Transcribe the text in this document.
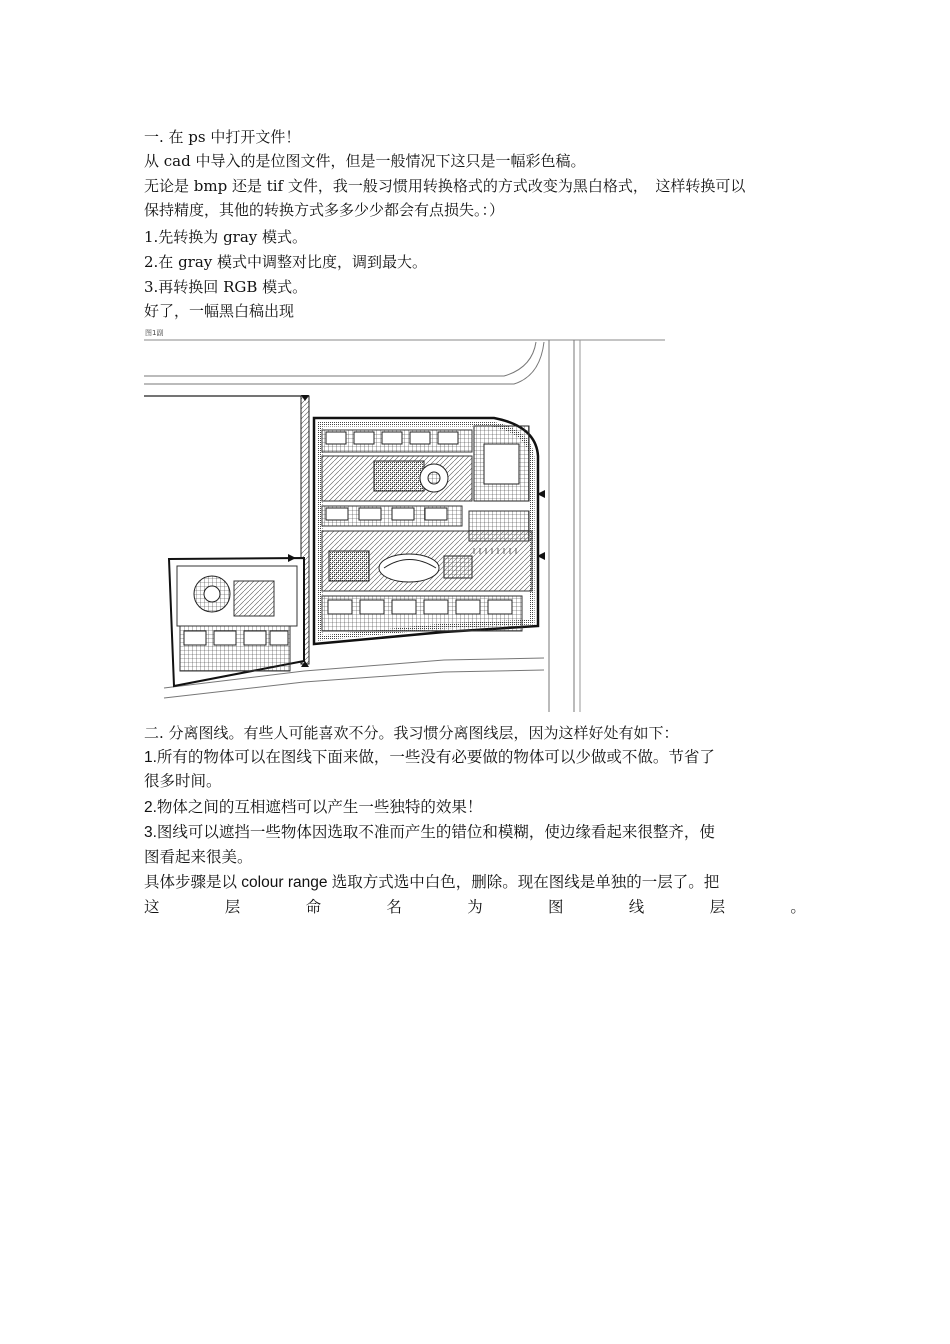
一. 在 ps 中打开文件！
从 cad 中导入的是位图文件，但是一般情况下这只是一幅彩色稿。
无论是 bmp 还是 tif 文件，我一般习惯用转换格式的方式改变为黑白格式，　这样转换可以
保持精度，其他的转换方式多多少少都会有点损失。：）
1.先转换为 gray 模式。
2.在 gray 模式中调整对比度，调到最大。
3.再转换回 RGB 模式。
好了，一幅黑白稿出现
图1副
二. 分离图线。有些人可能喜欢不分。我习惯分离图线层，因为这样好处有如下：
1.所有的物体可以在图线下面来做，一些没有必要做的物体可以少做或不做。节省了
很多时间。
2.物体之间的互相遮档可以产生一些独特的效果！
3.图线可以遮挡一些物体因选取不准而产生的错位和模糊，使边缘看起来很整齐，使
图看起来很美。
具体步骤是以 colour range 选取方式选中白色，删除。现在图线是单独的一层了。把
这	层	命	名	为	图	线	层	。
